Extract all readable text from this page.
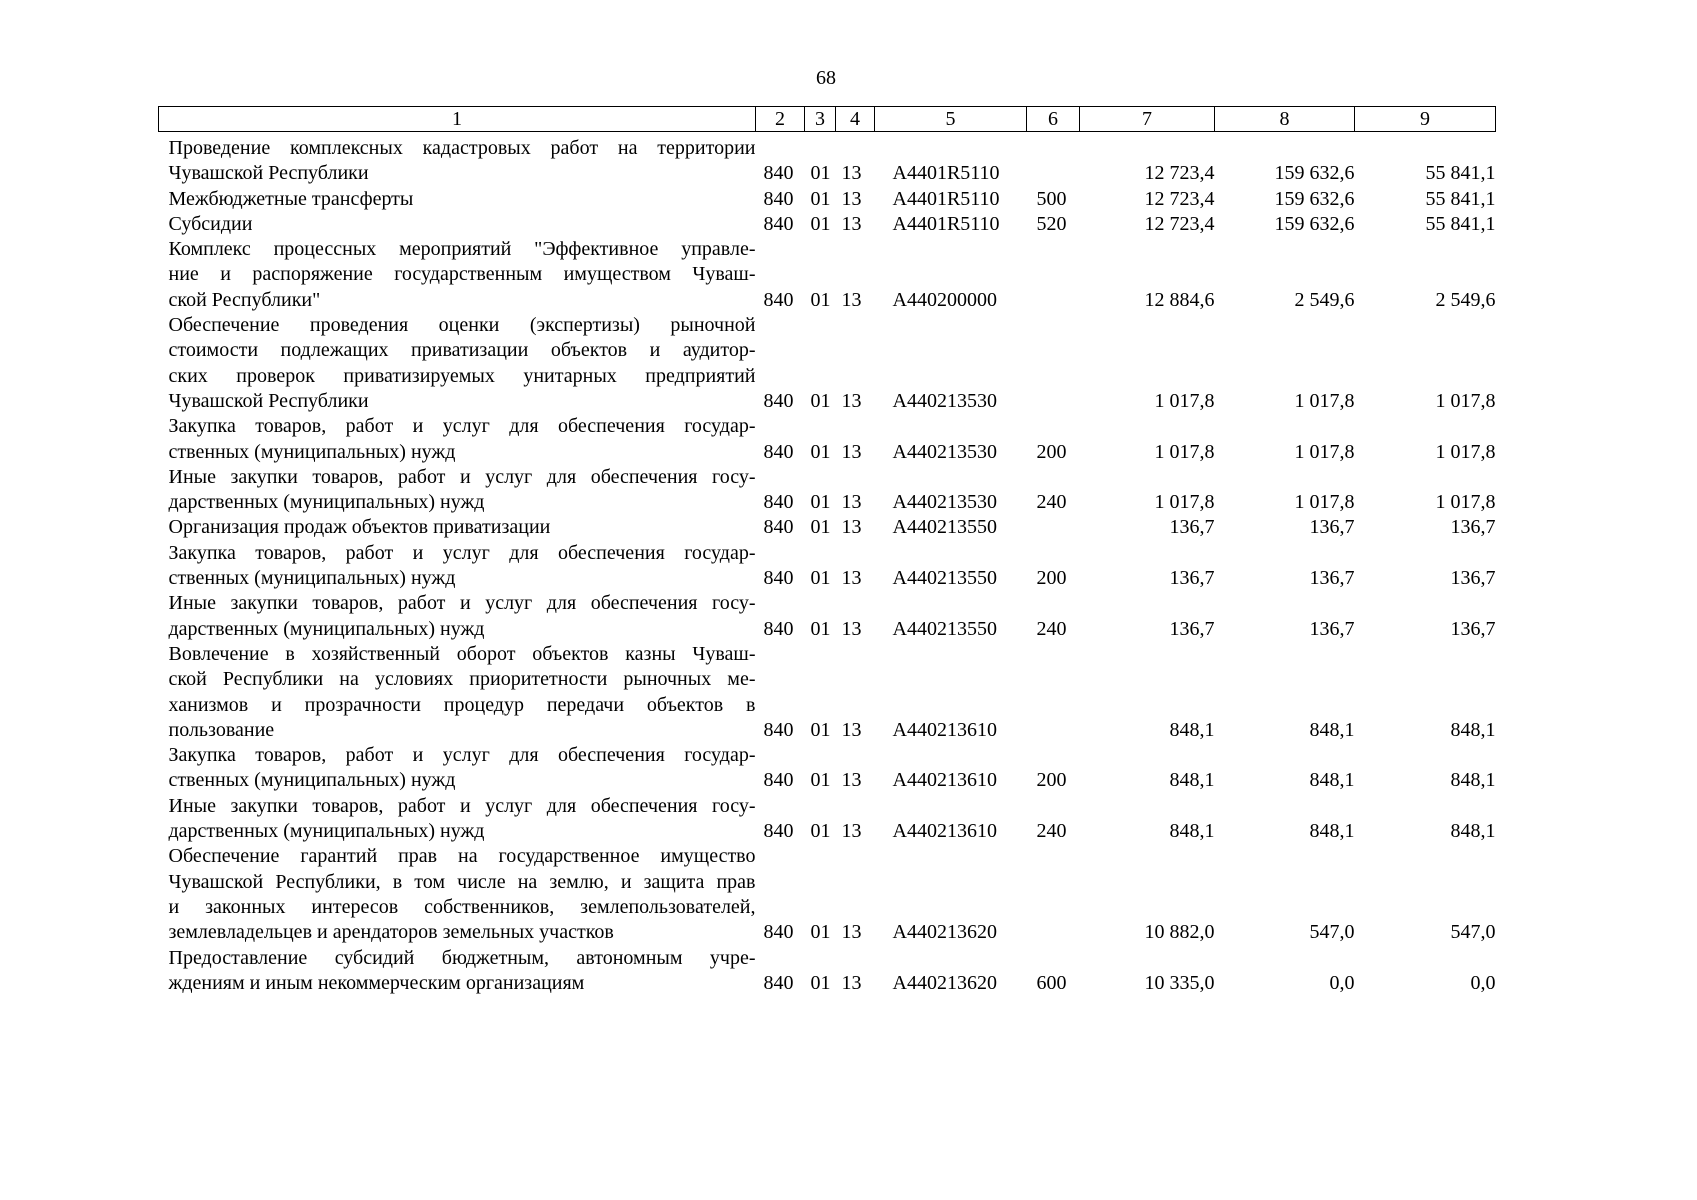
68
1	2	3	4	5	6	7	8	9

Проведение комплексных кадастровых работ на территории
Чувашской Республики	840	01	13	A4401R5110		12 723,4	159 632,6	55 841,1

Межбюджетные трансферты	840	01	13	A4401R5110	500	12 723,4	159 632,6	55 841,1

Субсидии	840	01	13	A4401R5110	520	12 723,4	159 632,6	55 841,1

Комплекс процессных мероприятий "Эффективное управле-
ние и распоряжение государственным имуществом Чуваш-
ской Республики"	840	01	13	A440200000		12 884,6	2 549,6	2 549,6

Обеспечение проведения оценки (экспертизы) рыночной
стоимости подлежащих приватизации объектов и аудитор-
ских проверок приватизируемых унитарных предприятий
Чувашской Республики	840	01	13	A440213530		1 017,8	1 017,8	1 017,8

Закупка товаров, работ и услуг для обеспечения государ-
ственных (муниципальных) нужд	840	01	13	A440213530	200	1 017,8	1 017,8	1 017,8

Иные закупки товаров, работ и услуг для обеспечения госу-
дарственных (муниципальных) нужд	840	01	13	A440213530	240	1 017,8	1 017,8	1 017,8

Организация продаж объектов приватизации	840	01	13	A440213550		136,7	136,7	136,7

Закупка товаров, работ и услуг для обеспечения государ-
ственных (муниципальных) нужд	840	01	13	A440213550	200	136,7	136,7	136,7

Иные закупки товаров, работ и услуг для обеспечения госу-
дарственных (муниципальных) нужд	840	01	13	A440213550	240	136,7	136,7	136,7

Вовлечение в хозяйственный оборот объектов казны Чуваш-
ской Республики на условиях приоритетности рыночных ме-
ханизмов и прозрачности процедур передачи объектов в
пользование	840	01	13	A440213610		848,1	848,1	848,1

Закупка товаров, работ и услуг для обеспечения государ-
ственных (муниципальных) нужд	840	01	13	A440213610	200	848,1	848,1	848,1

Иные закупки товаров, работ и услуг для обеспечения госу-
дарственных (муниципальных) нужд	840	01	13	A440213610	240	848,1	848,1	848,1

Обеспечение гарантий прав на государственное имущество
Чувашской Республики, в том числе на землю, и защита прав
и законных интересов собственников, землепользователей,
землевладельцев и арендаторов земельных участков	840	01	13	A440213620		10 882,0	547,0	547,0

Предоставление субсидий бюджетным, автономным учре-
ждениям и иным некоммерческим организациям	840	01	13	A440213620	600	10 335,0	0,0	0,0
